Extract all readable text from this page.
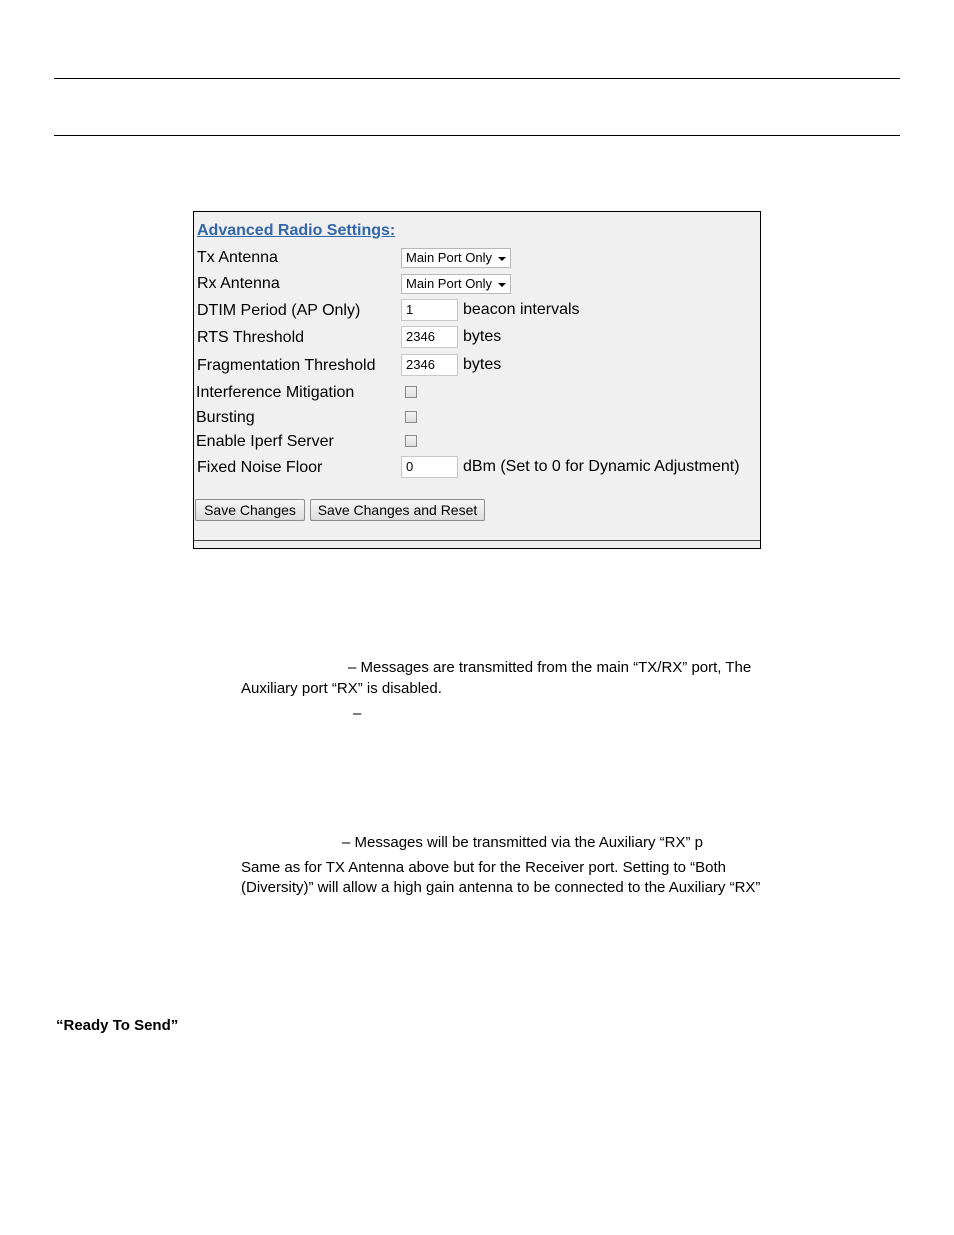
Advanced Radio Settings:
Tx Antenna	Main Port Only
Rx Antenna	Main Port Only
DTIM Period (AP Only)	1	beacon intervals
RTS Threshold	2346	bytes
Fragmentation Threshold	2346	bytes
Interference Mitigation
Bursting
Enable Iperf Server
Fixed Noise Floor	0	dBm (Set to 0 for Dynamic Adjustment)
Save Changes	Save Changes and Reset
– Messages are transmitted from the main “TX/RX” port, The
Auxiliary port “RX” is disabled.
–
– Messages will be transmitted via the Auxiliary “RX” p
Same as for TX Antenna above but for the Receiver port. Setting to “Both
(Diversity)” will allow a high gain antenna to be connected to the Auxiliary “RX”
“Ready To Send”
